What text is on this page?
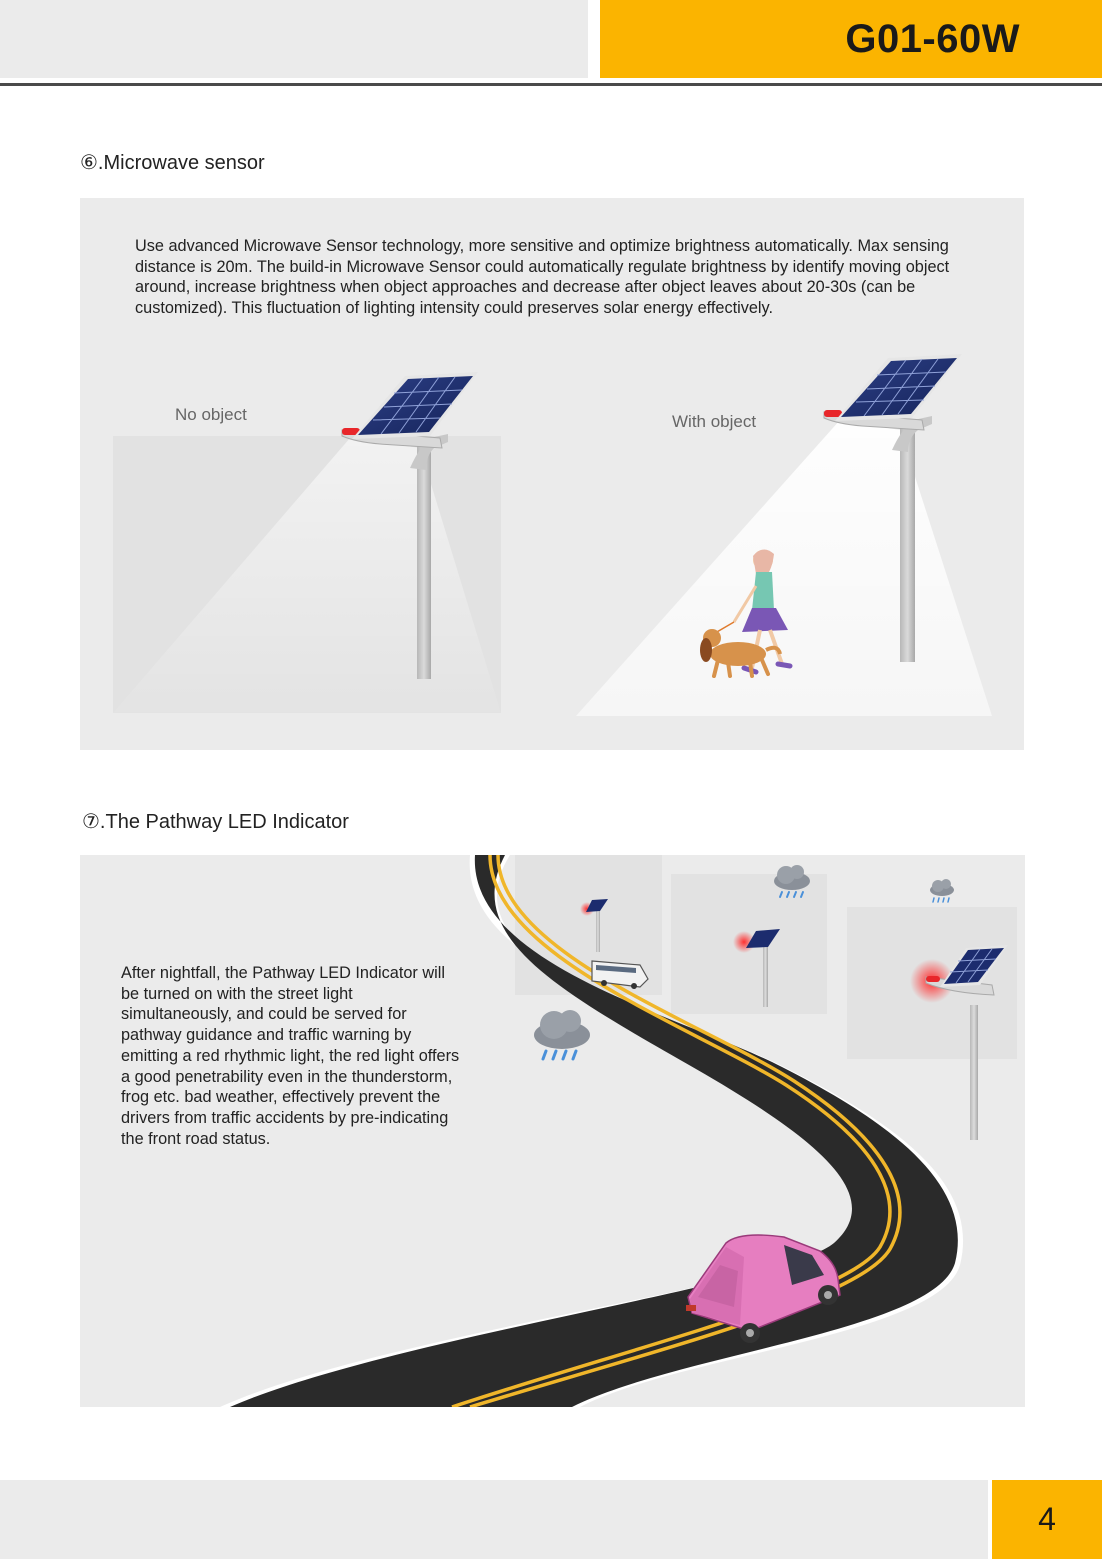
G01-60W
⑥.Microwave sensor
Use advanced Microwave Sensor technology, more sensitive and optimize brightness automatically. Max sensing distance is 20m. The build-in Microwave Sensor could automatically regulate brightness by identify moving object around, increase brightness when object approaches and decrease after object leaves about 20-30s (can be customized). This fluctuation of lighting intensity could preserves solar energy effectively.
No object	With object
⑦.The Pathway LED Indicator
After nightfall, the Pathway LED Indicator will be turned on with the street light simultaneously, and could be served for pathway guidance and traffic warning by emitting a red rhythmic light, the red light offers a good penetrability even in the thunderstorm, frog etc. bad weather, effectively prevent the drivers from traffic accidents by pre-indicating the front road status.
4
